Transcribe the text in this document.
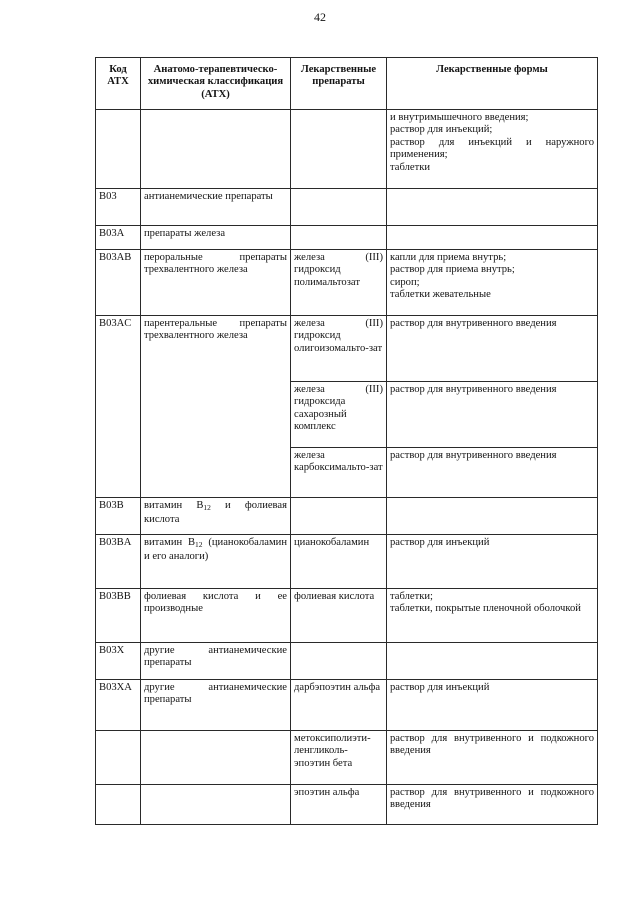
42
Код АТХ	Анатомо-терапевтическо-химическая классификация (АТХ)	Лекарственные препараты	Лекарственные формы

			и внутримышечного введения;
раствор для инъекций;
раствор для инъекций и наружного применения;
таблетки

B03	антианемические препараты		
B03A	препараты железа		
B03AB	пероральные препараты трехвалентного железа	железа (III) гидроксид полимальтозат	капли для приема внутрь;
раствор для приема внутрь;
сироп;
таблетки жевательные

B03AC	парентеральные препараты трехвалентного железа	железа (III) гидроксид олигоизомальто-зат	раствор для внутривенного введения
		железа (III) гидроксида сахарозный комплекс	раствор для внутривенного введения
		железа карбоксимальто-зат	раствор для внутривенного введения
B03B	витамин $B_{12}$ и фолиевая кислота		
B03BA	витамин $B_{12}$ (цианокобаламин и его аналоги)	цианокобаламин	раствор для инъекций
B03BB	фолиевая кислота и ее производные	фолиевая кислота	таблетки;
таблетки, покрытые пленочной оболочкой
B03X	другие антианемические препараты		
B03XA	другие антианемические препараты	дарбэпоэтин альфа	раствор для инъекций

		метоксиполиэти-
ленгликоль-
эпоэтин бета	раствор для внутривенного и подкожного введения
		эпоэтин альфа	раствор для внутривенного и подкожного введения
